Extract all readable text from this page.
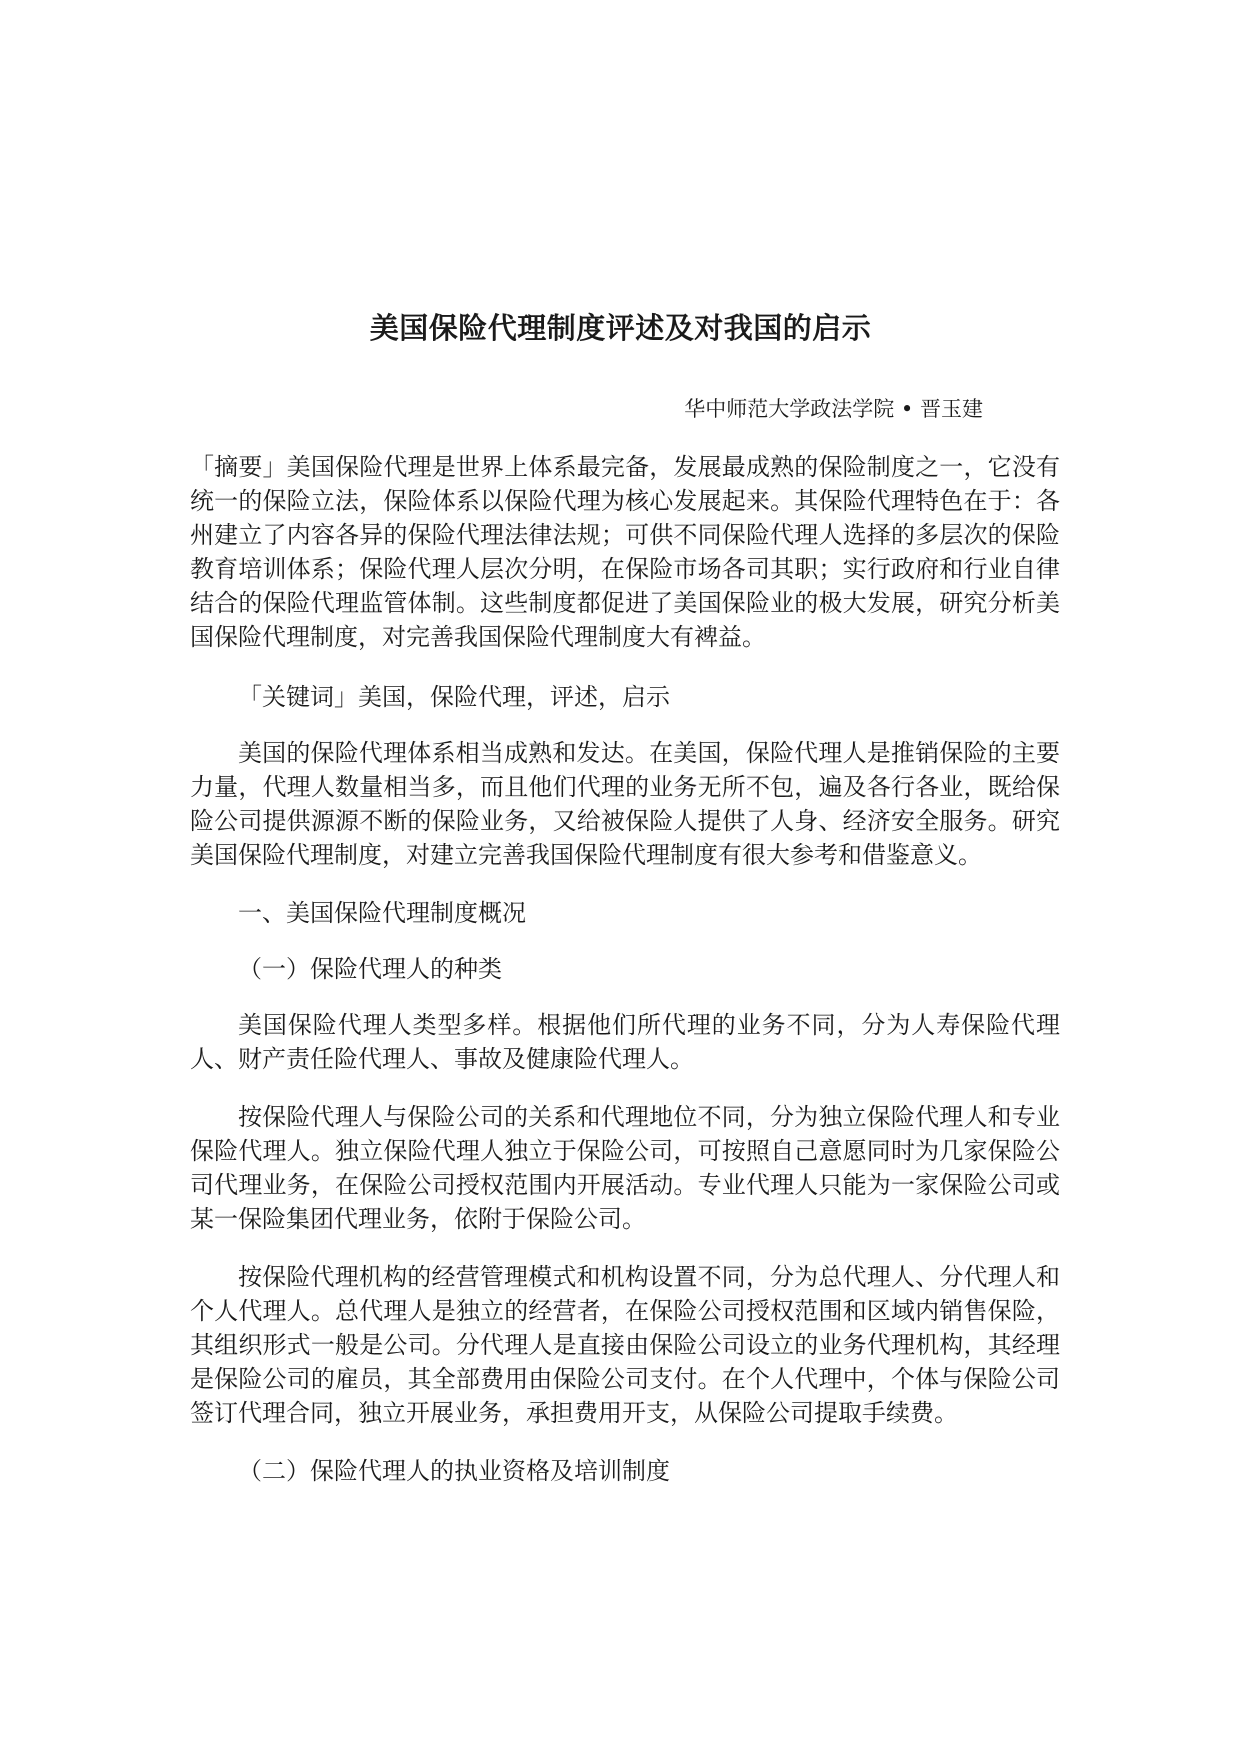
美国保险代理制度评述及对我国的启示

华中师范大学政法学院 • 晋玉建

「摘要」美国保险代理是世界上体系最完备，发展最成熟的保险制度之一，它没有统一的保险立法，保险体系以保险代理为核心发展起来。其保险代理特色在于：各州建立了内容各异的保险代理法律法规；可供不同保险代理人选择的多层次的保险教育培训体系；保险代理人层次分明，在保险市场各司其职；实行政府和行业自律结合的保险代理监管体制。这些制度都促进了美国保险业的极大发展，研究分析美国保险代理制度，对完善我国保险代理制度大有裨益。

「关键词」美国，保险代理，评述，启示

美国的保险代理体系相当成熟和发达。在美国，保险代理人是推销保险的主要力量，代理人数量相当多，而且他们代理的业务无所不包，遍及各行各业，既给保险公司提供源源不断的保险业务，又给被保险人提供了人身、经济安全服务。研究美国保险代理制度，对建立完善我国保险代理制度有很大参考和借鉴意义。

一、美国保险代理制度概况

（一）保险代理人的种类

美国保险代理人类型多样。根据他们所代理的业务不同，分为人寿保险代理人、财产责任险代理人、事故及健康险代理人。

按保险代理人与保险公司的关系和代理地位不同，分为独立保险代理人和专业保险代理人。独立保险代理人独立于保险公司，可按照自己意愿同时为几家保险公司代理业务，在保险公司授权范围内开展活动。专业代理人只能为一家保险公司或某一保险集团代理业务，依附于保险公司。

按保险代理机构的经营管理模式和机构设置不同，分为总代理人、分代理人和个人代理人。总代理人是独立的经营者，在保险公司授权范围和区域内销售保险，其组织形式一般是公司。分代理人是直接由保险公司设立的业务代理机构，其经理是保险公司的雇员，其全部费用由保险公司支付。在个人代理中，个体与保险公司签订代理合同，独立开展业务，承担费用开支，从保险公司提取手续费。

（二）保险代理人的执业资格及培训制度
